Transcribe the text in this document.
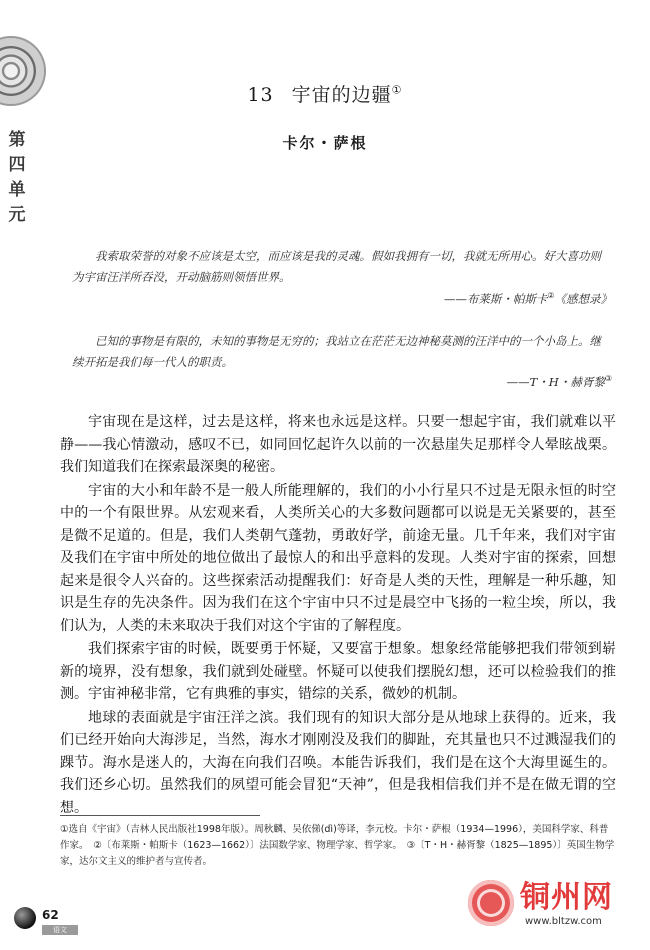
第
四
单
元
13 宇宙的边疆①
卡尔・萨根
我索取荣誉的对象不应该是太空，而应该是我的灵魂。假如我拥有一切，我就无所用心。好大喜功则为宇宙汪洋所吞没，开动脑筋则领悟世界。
——布莱斯・帕斯卡②《感想录》
已知的事物是有限的，未知的事物是无穷的；我站立在茫茫无边神秘莫测的汪洋中的一个小岛上。继续开拓是我们每一代人的职责。
——T・H・赫胥黎③

宇宙现在是这样，过去是这样，将来也永远是这样。只要一想起宇宙，我们就难以平静——我心情激动，感叹不已，如同回忆起许久以前的一次悬崖失足那样令人晕眩战栗。我们知道我们在探索最深奥的秘密。

宇宙的大小和年龄不是一般人所能理解的，我们的小小行星只不过是无限永恒的时空中的一个有限世界。从宏观来看，人类所关心的大多数问题都可以说是无关紧要的，甚至是微不足道的。但是，我们人类朝气蓬勃，勇敢好学，前途无量。几千年来，我们对宇宙及我们在宇宙中所处的地位做出了最惊人的和出乎意料的发现。人类对宇宙的探索，回想起来是很令人兴奋的。这些探索活动提醒我们：好奇是人类的天性，理解是一种乐趣，知识是生存的先决条件。因为我们在这个宇宙中只不过是晨空中飞扬的一粒尘埃，所以，我们认为，人类的未来取决于我们对这个宇宙的了解程度。

我们探索宇宙的时候，既要勇于怀疑，又要富于想象。想象经常能够把我们带领到崭新的境界，没有想象，我们就到处碰壁。怀疑可以使我们摆脱幻想，还可以检验我们的推测。宇宙神秘非常，它有典雅的事实，错综的关系，微妙的机制。

地球的表面就是宇宙汪洋之滨。我们现有的知识大部分是从地球上获得的。近来，我们已经开始向大海涉足，当然，海水才刚刚没及我们的脚趾，充其量也只不过溅湿我们的踝节。海水是迷人的，大海在向我们召唤。本能告诉我们，我们是在这个大海里诞生的。我们还乡心切。虽然我们的夙望可能会冒犯“天神”，但是我相信我们并不是在做无谓的空想。

①选自《宇宙》（吉林人民出版社1998年版）。周秋麟、吴依俤(dì)等译，李元校。卡尔・萨根（1934—1996），美国科学家、科普作家。　②〔布莱斯・帕斯卡（1623—1662）〕法国数学家、物理学家、哲学家。　③〔T・H・赫胥黎（1825—1895）〕英国生物学家，达尔文主义的维护者与宣传者。

62
语文
铜州网
www.bltzw.com
